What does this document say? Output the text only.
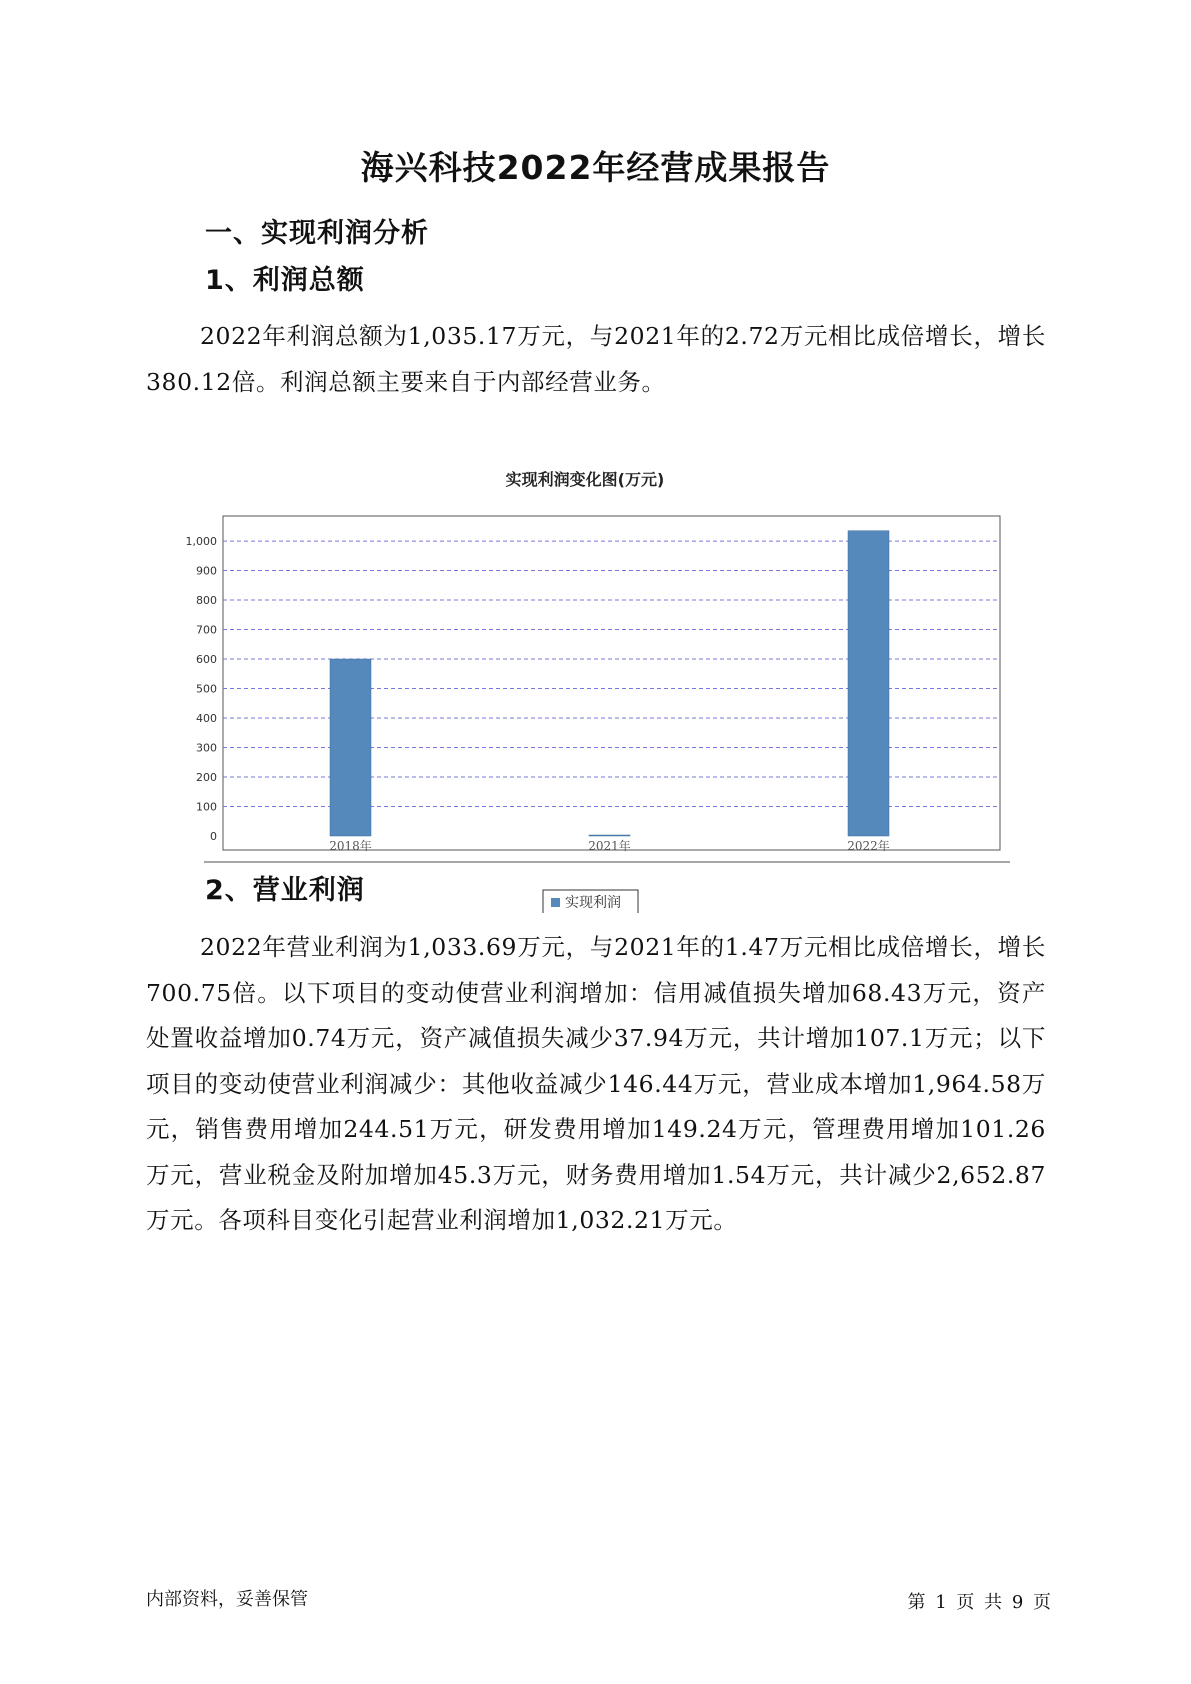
海兴科技2022年经营成果报告
一、实现利润分析
1、利润总额

2022年利润总额为1,035.17万元，与2021年的2.72万元相比成倍增长，增长380.12倍。利润总额主要来自于内部经营业务。

实现利润变化图(万元)
0
100
200
300
400
500
600
700
800
900
1,000
2018年	2021年	2022年
实现利润
2、营业利润

2022年营业利润为1,033.69万元，与2021年的1.47万元相比成倍增长，增长700.75倍。以下项目的变动使营业利润增加：信用减值损失增加68.43万元，资产处置收益增加0.74万元，资产减值损失减少37.94万元，共计增加107.1万元；以下项目的变动使营业利润减少：其他收益减少146.44万元，营业成本增加1,964.58万元，销售费用增加244.51万元，研发费用增加149.24万元，管理费用增加101.26万元，营业税金及附加增加45.3万元，财务费用增加1.54万元，共计减少2,652.87万元。各项科目变化引起营业利润增加1,032.21万元。

内部资料，妥善保管	第 1 页 共 9 页
